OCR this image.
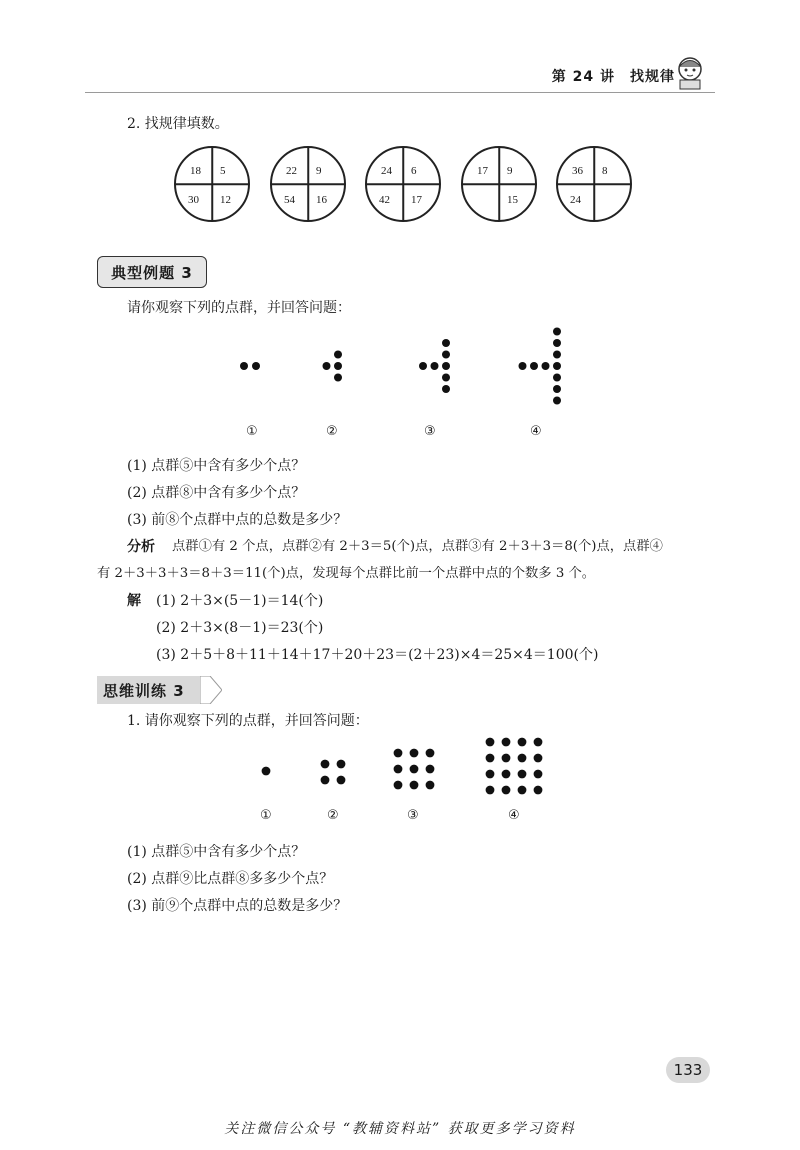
第 24 讲　找规律
2. 找规律填数。
18 5
30 12
22 9
54 16
24 6
42 17
17 9
15
36 8
24
典型例题 3
请你观察下列的点群，并回答问题：
①	②	③	④
(1) 点群⑤中含有多少个点？
(2) 点群⑧中含有多少个点？
(3) 前⑧个点群中点的总数是多少？
分析 点群①有 2 个点，点群②有 2＋3＝5(个)点，点群③有 2＋3＋3＝8(个)点，点群④
有 2＋3＋3＋3＝8＋3＝11(个)点，发现每个点群比前一个点群中点的个数多 3 个。
解 (1) 2＋3×(5－1)＝14(个)
(2) 2＋3×(8－1)＝23(个)
(3) 2＋5＋8＋11＋14＋17＋20＋23＝(2＋23)×4＝25×4＝100(个)
思维训练 3
1. 请你观察下列的点群，并回答问题：
①	②	③	④
(1) 点群⑤中含有多少个点？
(2) 点群⑨比点群⑧多多少个点？
(3) 前⑨个点群中点的总数是多少？
133
关注微信公众号 “教辅资料站” 获取更多学习资料
